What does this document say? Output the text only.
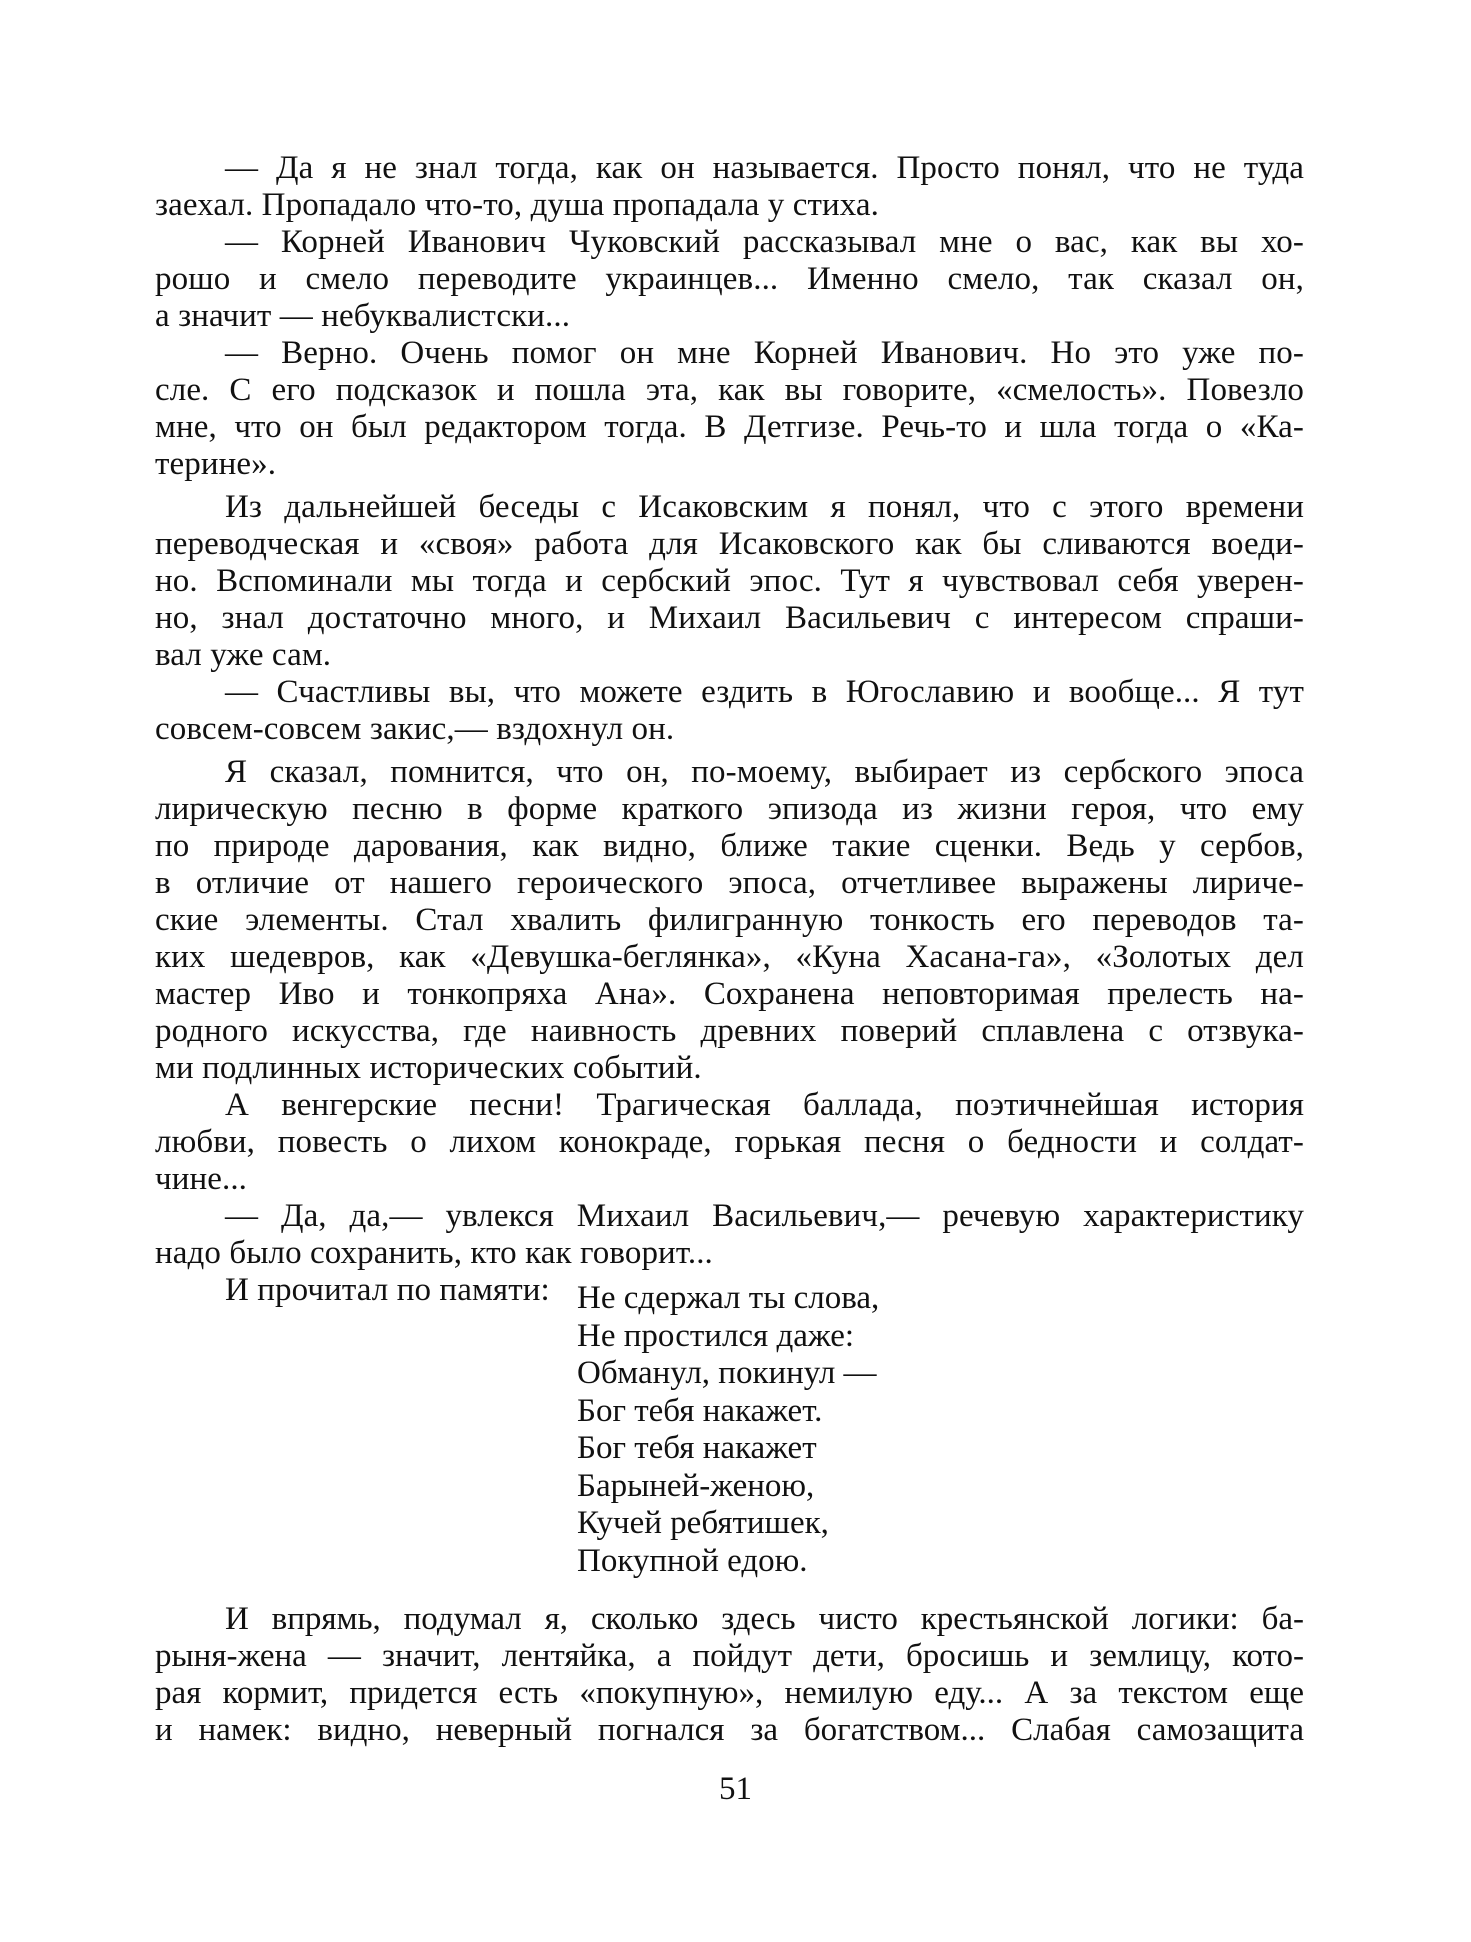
— Да я не знал тогда, как он называется. Просто понял, что не туда
заехал. Пропадало что-то, душа пропадала у стиха.

— Корней Иванович Чуковский рассказывал мне о вас, как вы хо-
рошо и смело переводите украинцев... Именно смело, так сказал он,
а значит — небуквалистски...

— Верно. Очень помог он мне Корней Иванович. Но это уже по-
сле. С его подсказок и пошла эта, как вы говорите, «смелость». Повезло
мне, что он был редактором тогда. В Детгизе. Речь-то и шла тогда о «Ка-
терине».

Из дальнейшей беседы с Исаковским я понял, что с этого времени
переводческая и «своя» работа для Исаковского как бы сливаются воеди-
но. Вспоминали мы тогда и сербский эпос. Тут я чувствовал себя уверен-
но, знал достаточно много, и Михаил Васильевич с интересом спраши-
вал уже сам.

— Счастливы вы, что можете ездить в Югославию и вообще... Я тут
совсем-совсем закис,— вздохнул он.

Я сказал, помнится, что он, по-моему, выбирает из сербского эпоса
лирическую песню в форме краткого эпизода из жизни героя, что ему
по природе дарования, как видно, ближе такие сценки. Ведь у сербов,
в отличие от нашего героического эпоса, отчетливее выражены лириче-
ские элементы. Стал хвалить филигранную тонкость его переводов та-
ких шедевров, как «Девушка-беглянка», «Куна Хасана-га», «Золотых дел
мастер Иво и тонкопряха Ана». Сохранена неповторимая прелесть на-
родного искусства, где наивность древних поверий сплавлена с отзвука-
ми подлинных исторических событий.

А венгерские песни! Трагическая баллада, поэтичнейшая история
любви, повесть о лихом конокраде, горькая песня о бедности и солдат-
чине...

— Да, да,— увлекся Михаил Васильевич,— речевую характеристику
надо было сохранить, кто как говорит...

И прочитал по памяти: Не сдержал ты слова,
Не простился даже:
Обманул, покинул —
Бог тебя накажет.
Бог тебя накажет
Барыней-женою,
Кучей ребятишек,
Покупной едою.

И впрямь, подумал я, сколько здесь чисто крестьянской логики: ба-
рыня-жена — значит, лентяйка, а пойдут дети, бросишь и землицу, кото-
рая кормит, придется есть «покупную», немилую еду... А за текстом еще
и намек: видно, неверный погнался за богатством... Слабая самозащита

51
